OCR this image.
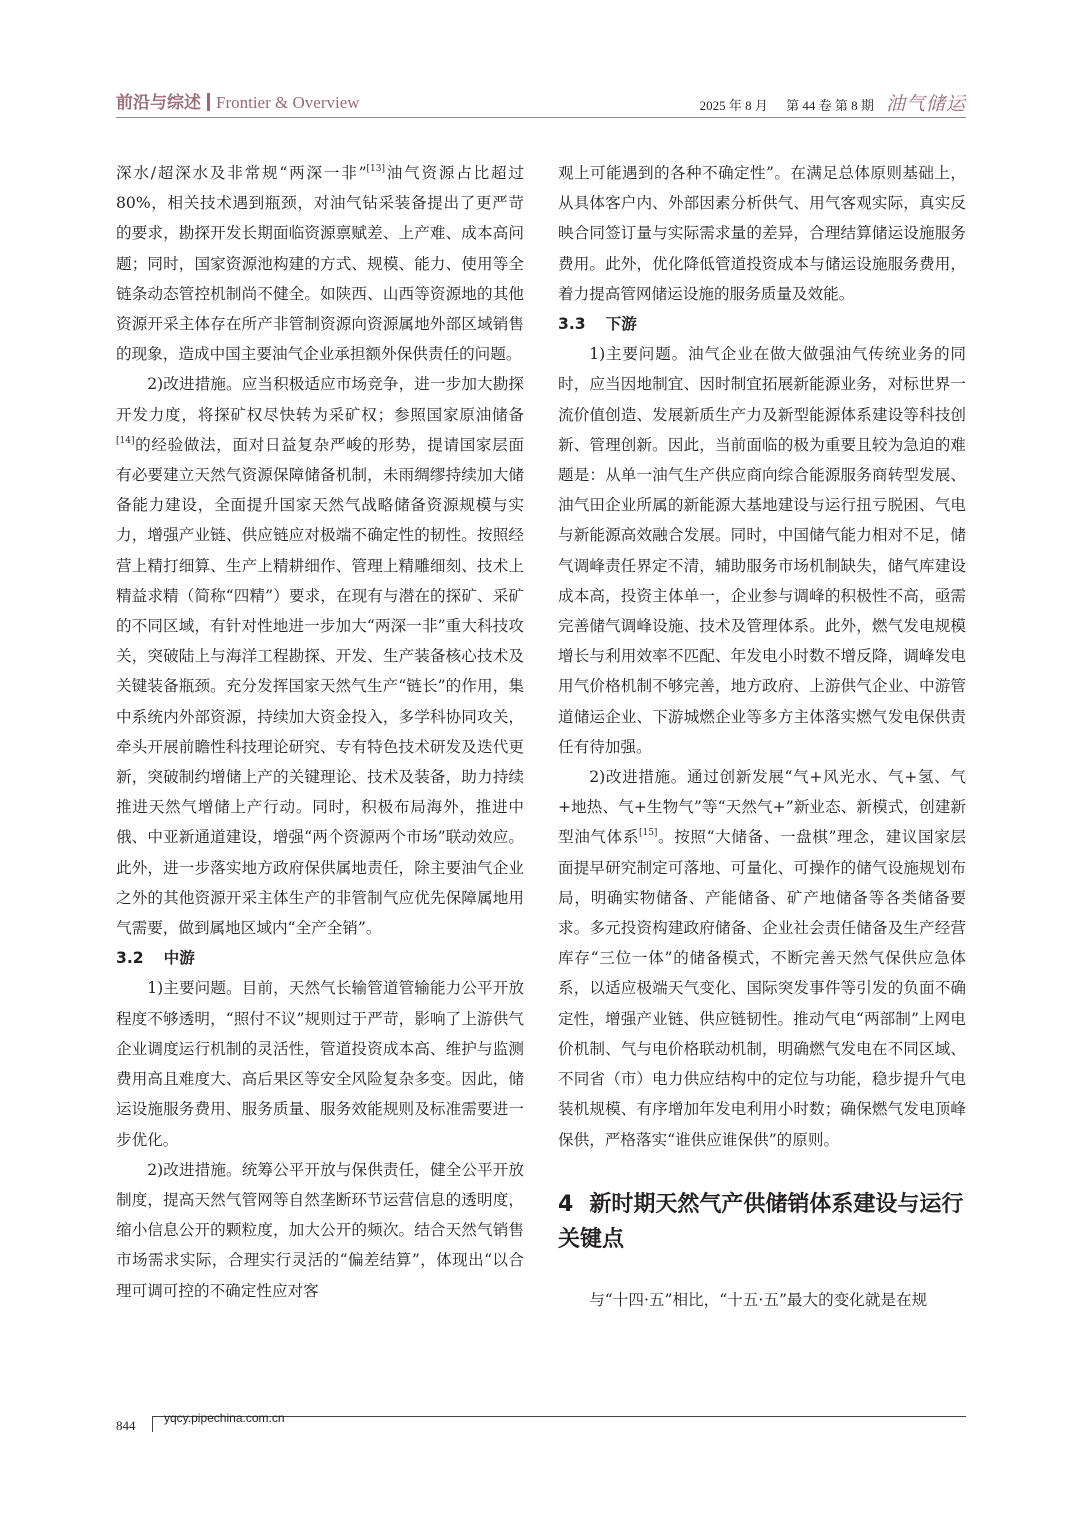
前沿与综述 Frontier & Overview	2025 年 8 月 第 44 卷 第 8 期 油气储运

深水/超深水及非常规“两深一非”[13]油气资源占比超过 80%，相关技术遇到瓶颈，对油气钻采装备提出了更严苛的要求，勘探开发长期面临资源禀赋差、上产难、成本高问题；同时，国家资源池构建的方式、规模、能力、使用等全链条动态管控机制尚不健全。如陕西、山西等资源地的其他资源开采主体存在所产非管制资源向资源属地外部区域销售的现象，造成中国主要油气企业承担额外保供责任的问题。

2)改进措施。应当积极适应市场竞争，进一步加大勘探开发力度，将探矿权尽快转为采矿权；参照国家原油储备[14]的经验做法，面对日益复杂严峻的形势，提请国家层面有必要建立天然气资源保障储备机制，未雨绸缪持续加大储备能力建设，全面提升国家天然气战略储备资源规模与实力，增强产业链、供应链应对极端不确定性的韧性。按照经营上精打细算、生产上精耕细作、管理上精雕细刻、技术上精益求精（简称“四精”）要求，在现有与潜在的探矿、采矿的不同区域，有针对性地进一步加大“两深一非”重大科技攻关，突破陆上与海洋工程勘探、开发、生产装备核心技术及关键装备瓶颈。充分发挥国家天然气生产“链长”的作用，集中系统内外部资源，持续加大资金投入，多学科协同攻关，牵头开展前瞻性科技理论研究、专有特色技术研发及迭代更新，突破制约增储上产的关键理论、技术及装备，助力持续推进天然气增储上产行动。同时，积极布局海外，推进中俄、中亚新通道建设，增强“两个资源两个市场”联动效应。此外，进一步落实地方政府保供属地责任，除主要油气企业之外的其他资源开采主体生产的非管制气应优先保障属地用气需要，做到属地区域内“全产全销”。

3.2 中游

1)主要问题。目前，天然气长输管道管输能力公平开放程度不够透明，“照付不议”规则过于严苛，影响了上游供气企业调度运行机制的灵活性，管道投资成本高、维护与监测费用高且难度大、高后果区等安全风险复杂多变。因此，储运设施服务费用、服务质量、服务效能规则及标准需要进一步优化。

2)改进措施。统筹公平开放与保供责任，健全公平开放制度，提高天然气管网等自然垄断环节运营信息的透明度，缩小信息公开的颗粒度，加大公开的频次。结合天然气销售市场需求实际，合理实行灵活的“偏差结算”，体现出“以合理可调可控的不确定性应对客

观上可能遇到的各种不确定性”。在满足总体原则基础上，从具体客户内、外部因素分析供气、用气客观实际，真实反映合同签订量与实际需求量的差异，合理结算储运设施服务费用。此外，优化降低管道投资成本与储运设施服务费用，着力提高管网储运设施的服务质量及效能。

3.3 下游

1)主要问题。油气企业在做大做强油气传统业务的同时，应当因地制宜、因时制宜拓展新能源业务，对标世界一流价值创造、发展新质生产力及新型能源体系建设等科技创新、管理创新。因此，当前面临的极为重要且较为急迫的难题是：从单一油气生产供应商向综合能源服务商转型发展、油气田企业所属的新能源大基地建设与运行扭亏脱困、气电与新能源高效融合发展。同时，中国储气能力相对不足，储气调峰责任界定不清，辅助服务市场机制缺失，储气库建设成本高，投资主体单一，企业参与调峰的积极性不高，亟需完善储气调峰设施、技术及管理体系。此外，燃气发电规模增长与利用效率不匹配、年发电小时数不增反降，调峰发电用气价格机制不够完善，地方政府、上游供气企业、中游管道储运企业、下游城燃企业等多方主体落实燃气发电保供责任有待加强。

2)改进措施。通过创新发展“气+风光水、气+氢、气+地热、气+生物气”等“天然气+”新业态、新模式，创建新型油气体系[15]。按照“大储备、一盘棋”理念，建议国家层面提早研究制定可落地、可量化、可操作的储气设施规划布局，明确实物储备、产能储备、矿产地储备等各类储备要求。多元投资构建政府储备、企业社会责任储备及生产经营库存“三位一体”的储备模式，不断完善天然气保供应急体系，以适应极端天气变化、国际突发事件等引发的负面不确定性，增强产业链、供应链韧性。推动气电“两部制”上网电价机制、气与电价格联动机制，明确燃气发电在不同区域、不同省（市）电力供应结构中的定位与功能，稳步提升气电装机规模、有序增加年发电利用小时数；确保燃气发电顶峰保供，严格落实“谁供应谁保供”的原则。

4 新时期天然气产供储销体系建设与运行关键点

与“十四·五”相比，“十五·五”最大的变化就是在规

844 yqcy.pipechina.com.cn
